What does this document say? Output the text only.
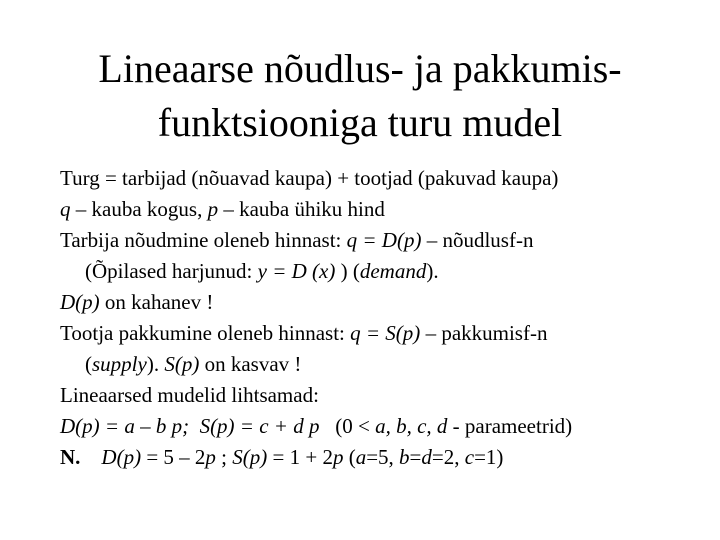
Lineaarse nõudlus- ja pakkumis-
funktsiooniga turu mudel
Turg = tarbijad (nõuavad kaupa) + tootjad (pakuvad kaupa)
q – kauba kogus, p – kauba ühiku hind
Tarbija nõudmine oleneb hinnast: q = D(p) – nõudlusf-n
(Õpilased harjunud: y = D (x) ) (demand).
D(p) on kahanev !
Tootja pakkumine oleneb hinnast: q = S(p) – pakkumisf-n
(supply). S(p) on kasvav !
Lineaarsed mudelid lihtsamad:
D(p) = a – b p;  S(p) = c + d p   (0 < a, b, c, d - parameetrid)
N. D(p) = 5 – 2p ; S(p) = 1 + 2p (a=5, b=d=2, c=1)
